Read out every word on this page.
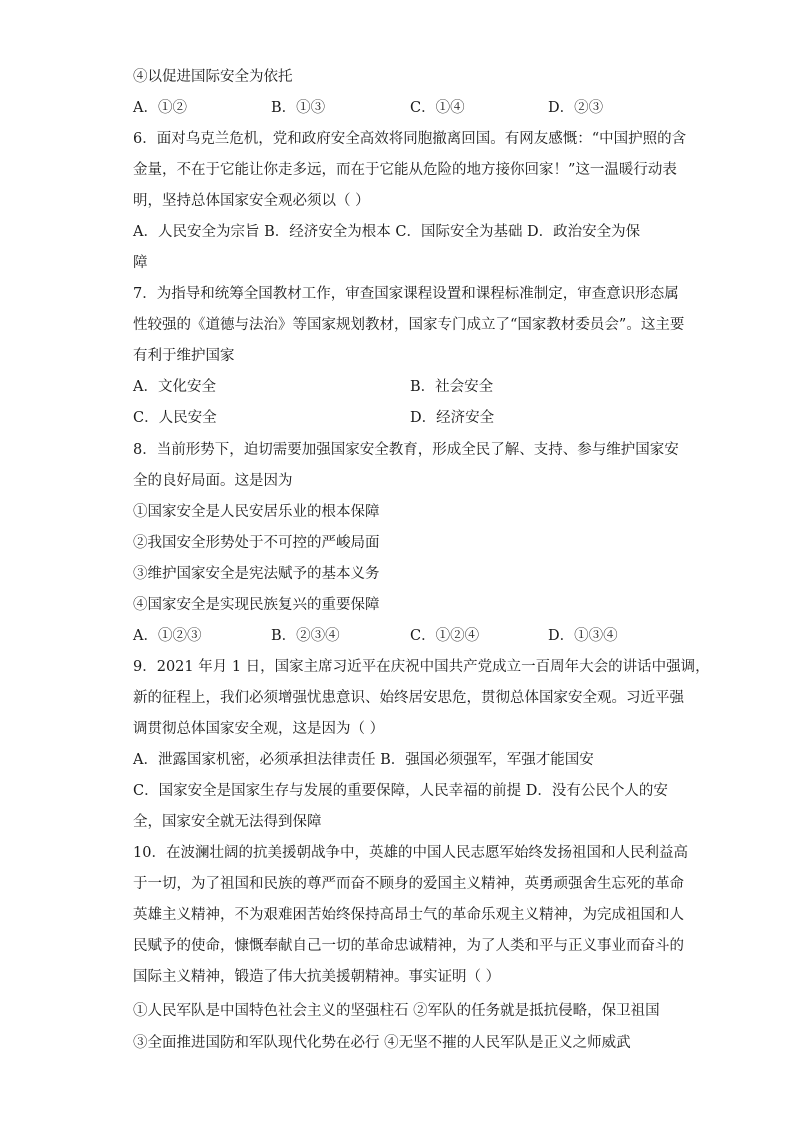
④以促进国际安全为依托
A．①②	B．①③	C．①④	D．②③
6．面对乌克兰危机，党和政府安全高效将同胞撤离回国。有网友感慨：“中国护照的含
金量，不在于它能让你走多远，而在于它能从危险的地方接你回家！”这一温暖行动表
明，坚持总体国家安全观必须以（ ）
A．人民安全为宗旨 B．经济安全为根本 C．国际安全为基础 D．政治安全为保
障
7．为指导和统筹全国教材工作，审查国家课程设置和课程标准制定，审查意识形态属
性较强的《道德与法治》等国家规划教材，国家专门成立了“国家教材委员会”。这主要
有利于维护国家
A．文化安全	B．社会安全
C．人民安全	D．经济安全
8．当前形势下，迫切需要加强国家安全教育，形成全民了解、支持、参与维护国家安
全的良好局面。这是因为
①国家安全是人民安居乐业的根本保障
②我国安全形势处于不可控的严峻局面
③维护国家安全是宪法赋予的基本义务
④国家安全是实现民族复兴的重要保障
A．①②③	B．②③④	C．①②④	D．①③④
9．2021 年月 1 日，国家主席习近平在庆祝中国共产党成立一百周年大会的讲话中强调，
新的征程上，我们必须增强忧患意识、始终居安思危，贯彻总体国家安全观。习近平强
调贯彻总体国家安全观，这是因为（ ）
A．泄露国家机密，必须承担法律责任 B．强国必须强军，军强才能国安
C．国家安全是国家生存与发展的重要保障，人民幸福的前提 D．没有公民个人的安
全，国家安全就无法得到保障
10．在波澜壮阔的抗美援朝战争中，英雄的中国人民志愿军始终发扬祖国和人民利益高
于一切，为了祖国和民族的尊严而奋不顾身的爱国主义精神，英勇顽强舍生忘死的革命
英雄主义精神，不为艰难困苦始终保持高昂士气的革命乐观主义精神，为完成祖国和人
民赋予的使命，慷慨奉献自己一切的革命忠诚精神，为了人类和平与正义事业而奋斗的
国际主义精神，锻造了伟大抗美援朝精神。事实证明（ ）
①人民军队是中国特色社会主义的坚强柱石 ②军队的任务就是抵抗侵略，保卫祖国
③全面推进国防和军队现代化势在必行 ④无坚不摧的人民军队是正义之师威武
